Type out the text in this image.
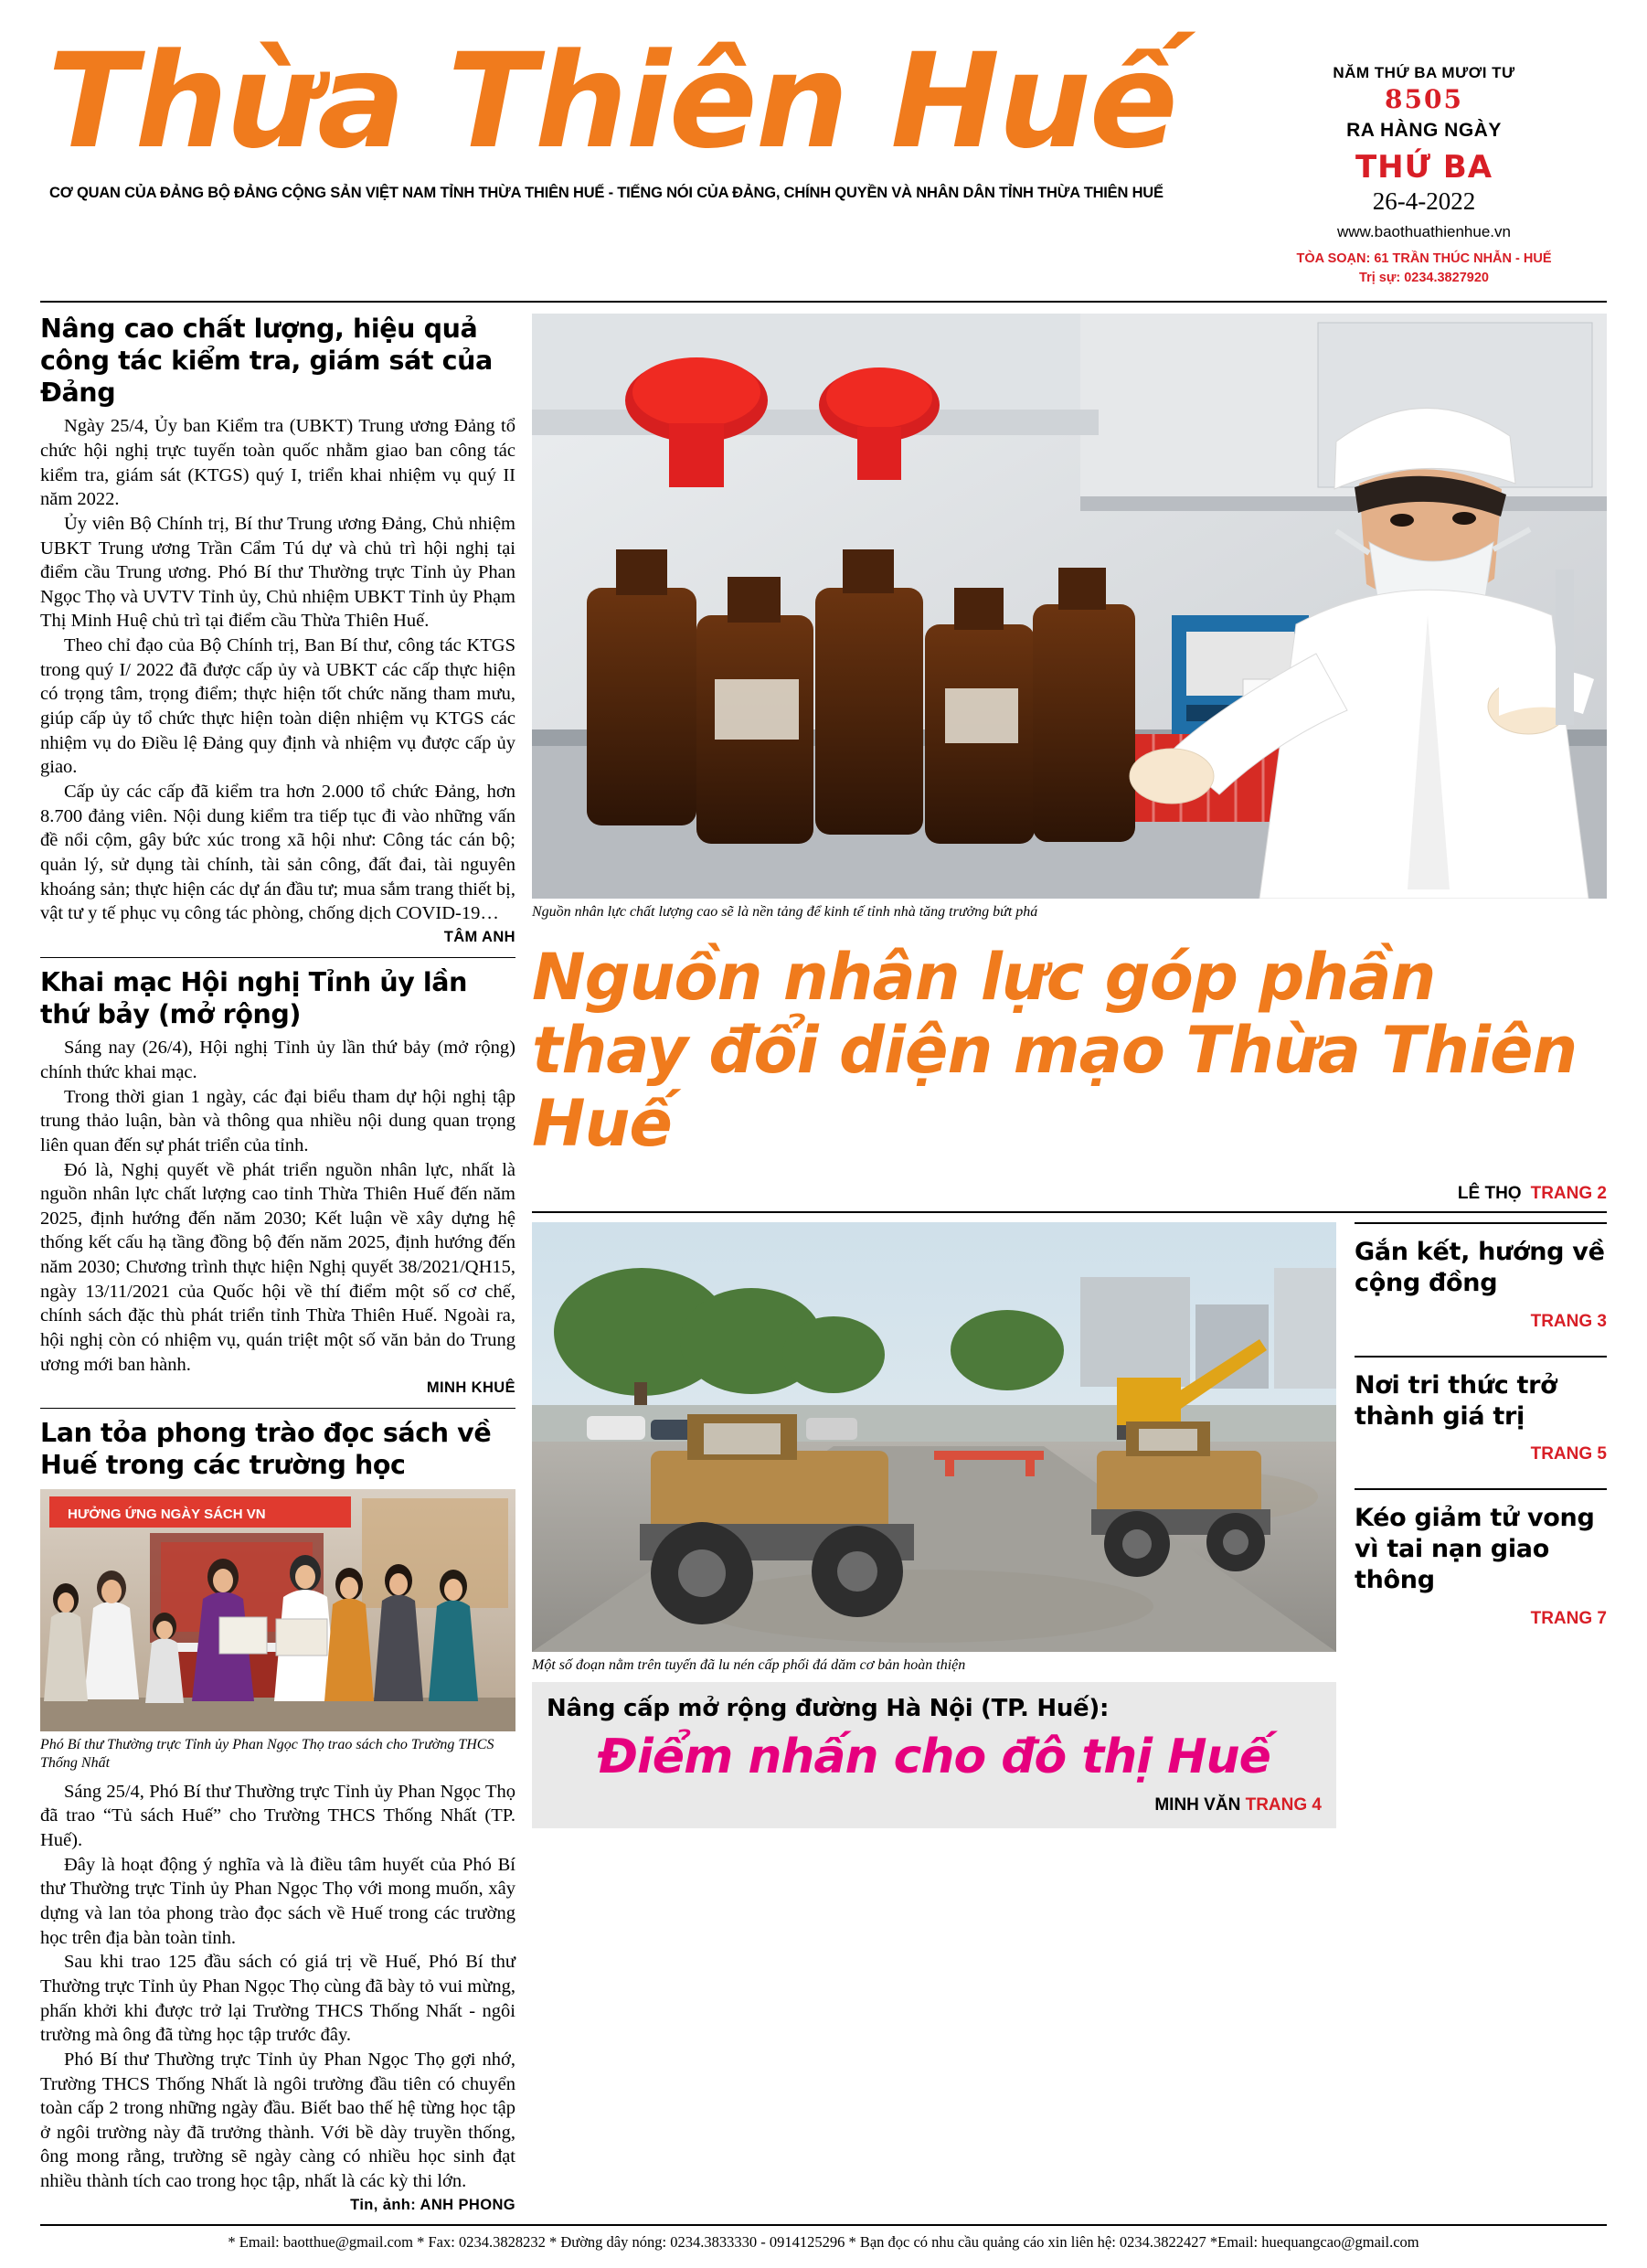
Thừa Thiên Huế
CƠ QUAN CỦA ĐẢNG BỘ ĐẢNG CỘNG SẢN VIỆT NAM TỈNH THỪA THIÊN HUẾ - TIẾNG NÓI CỦA ĐẢNG, CHÍNH QUYỀN VÀ NHÂN DÂN TỈNH THỪA THIÊN HUẾ
NĂM THỨ BA MƯƠI TƯ
8505
RA HÀNG NGÀY
THỨ BA
26-4-2022
www.baothuathienhue.vn
TÒA SOẠN: 61 TRẦN THÚC NHẪN - HUẾ
Trị sự: 0234.3827920
Nâng cao chất lượng, hiệu quả công tác kiểm tra, giám sát của Đảng

Ngày 25/4, Ủy ban Kiểm tra (UBKT) Trung ương Đảng tổ chức hội nghị trực tuyến toàn quốc nhằm giao ban công tác kiểm tra, giám sát (KTGS) quý I, triển khai nhiệm vụ quý II năm 2022.

Ủy viên Bộ Chính trị, Bí thư Trung ương Đảng, Chủ nhiệm UBKT Trung ương Trần Cẩm Tú dự và chủ trì hội nghị tại điểm cầu Trung ương. Phó Bí thư Thường trực Tỉnh ủy Phan Ngọc Thọ và UVTV Tỉnh ủy, Chủ nhiệm UBKT Tỉnh ủy Phạm Thị Minh Huệ chủ trì tại điểm cầu Thừa Thiên Huế.

Theo chỉ đạo của Bộ Chính trị, Ban Bí thư, công tác KTGS trong quý I/ 2022 đã được cấp ủy và UBKT các cấp thực hiện có trọng tâm, trọng điểm; thực hiện tốt chức năng tham mưu, giúp cấp ủy tổ chức thực hiện toàn diện nhiệm vụ KTGS các nhiệm vụ do Điều lệ Đảng quy định và nhiệm vụ được cấp ủy giao.

Cấp ủy các cấp đã kiểm tra hơn 2.000 tổ chức Đảng, hơn 8.700 đảng viên. Nội dung kiểm tra tiếp tục đi vào những vấn đề nổi cộm, gây bức xúc trong xã hội như: Công tác cán bộ; quản lý, sử dụng tài chính, tài sản công, đất đai, tài nguyên khoáng sản; thực hiện các dự án đầu tư; mua sắm trang thiết bị, vật tư y tế phục vụ công tác phòng, chống dịch COVID-19…

TÂM ANH
Khai mạc Hội nghị Tỉnh ủy lần thứ bảy (mở rộng)

Sáng nay (26/4), Hội nghị Tỉnh ủy lần thứ bảy (mở rộng) chính thức khai mạc.

Trong thời gian 1 ngày, các đại biểu tham dự hội nghị tập trung thảo luận, bàn và thông qua nhiều nội dung quan trọng liên quan đến sự phát triển của tỉnh.

Đó là, Nghị quyết về phát triển nguồn nhân lực, nhất là nguồn nhân lực chất lượng cao tỉnh Thừa Thiên Huế đến năm 2025, định hướng đến năm 2030; Kết luận về xây dựng hệ thống kết cấu hạ tầng đồng bộ đến năm 2025, định hướng đến năm 2030; Chương trình thực hiện Nghị quyết 38/2021/QH15, ngày 13/11/2021 của Quốc hội về thí điểm một số cơ chế, chính sách đặc thù phát triển tỉnh Thừa Thiên Huế. Ngoài ra, hội nghị còn có nhiệm vụ, quán triệt một số văn bản do Trung ương mới ban hành.

MINH KHUÊ
Lan tỏa phong trào đọc sách về Huế trong các trường học
HƯỞNG ỨNG NGÀY SÁCH VN
Phó Bí thư Thường trực Tỉnh ủy Phan Ngọc Thọ trao sách cho Trường THCS Thống Nhất

Sáng 25/4, Phó Bí thư Thường trực Tỉnh ủy Phan Ngọc Thọ đã trao “Tủ sách Huế” cho Trường THCS Thống Nhất (TP. Huế).

Đây là hoạt động ý nghĩa và là điều tâm huyết của Phó Bí thư Thường trực Tỉnh ủy Phan Ngọc Thọ với mong muốn, xây dựng và lan tỏa phong trào đọc sách về Huế trong các trường học trên địa bàn toàn tỉnh.

Sau khi trao 125 đầu sách có giá trị về Huế, Phó Bí thư Thường trực Tỉnh ủy Phan Ngọc Thọ cùng đã bày tỏ vui mừng, phấn khởi khi được trở lại Trường THCS Thống Nhất - ngôi trường mà ông đã từng học tập trước đây.

Phó Bí thư Thường trực Tỉnh ủy Phan Ngọc Thọ gợi nhớ, Trường THCS Thống Nhất là ngôi trường đầu tiên có chuyển toàn cấp 2 trong những ngày đầu. Biết bao thế hệ từng học tập ở ngôi trường này đã trưởng thành. Với bề dày truyền thống, ông mong rằng, trường sẽ ngày càng có nhiều học sinh đạt nhiều thành tích cao trong học tập, nhất là các kỳ thi lớn.

Tin, ảnh: ANH PHONG
Nguồn nhân lực chất lượng cao sẽ là nền tảng để kinh tế tỉnh nhà tăng trưởng bứt phá
Nguồn nhân lực góp phần thay đổi diện mạo Thừa Thiên Huế
LÊ THỌ TRANG 2
Một số đoạn nằm trên tuyến đã lu nén cấp phối đá dăm cơ bản hoàn thiện
Nâng cấp mở rộng đường Hà Nội (TP. Huế):
Điểm nhấn cho đô thị Huế
MINH VĂN TRANG 4
Gắn kết, hướng về cộng đồng
TRANG 3
Nơi tri thức trở thành giá trị
TRANG 5
Kéo giảm tử vong vì tai nạn giao thông
TRANG 7
* Email: baotthue@gmail.com * Fax: 0234.3828232 * Đường dây nóng: 0234.3833330 - 0914125296 * Bạn đọc có nhu cầu quảng cáo xin liên hệ: 0234.3822427 *Email: huequangcao@gmail.com
